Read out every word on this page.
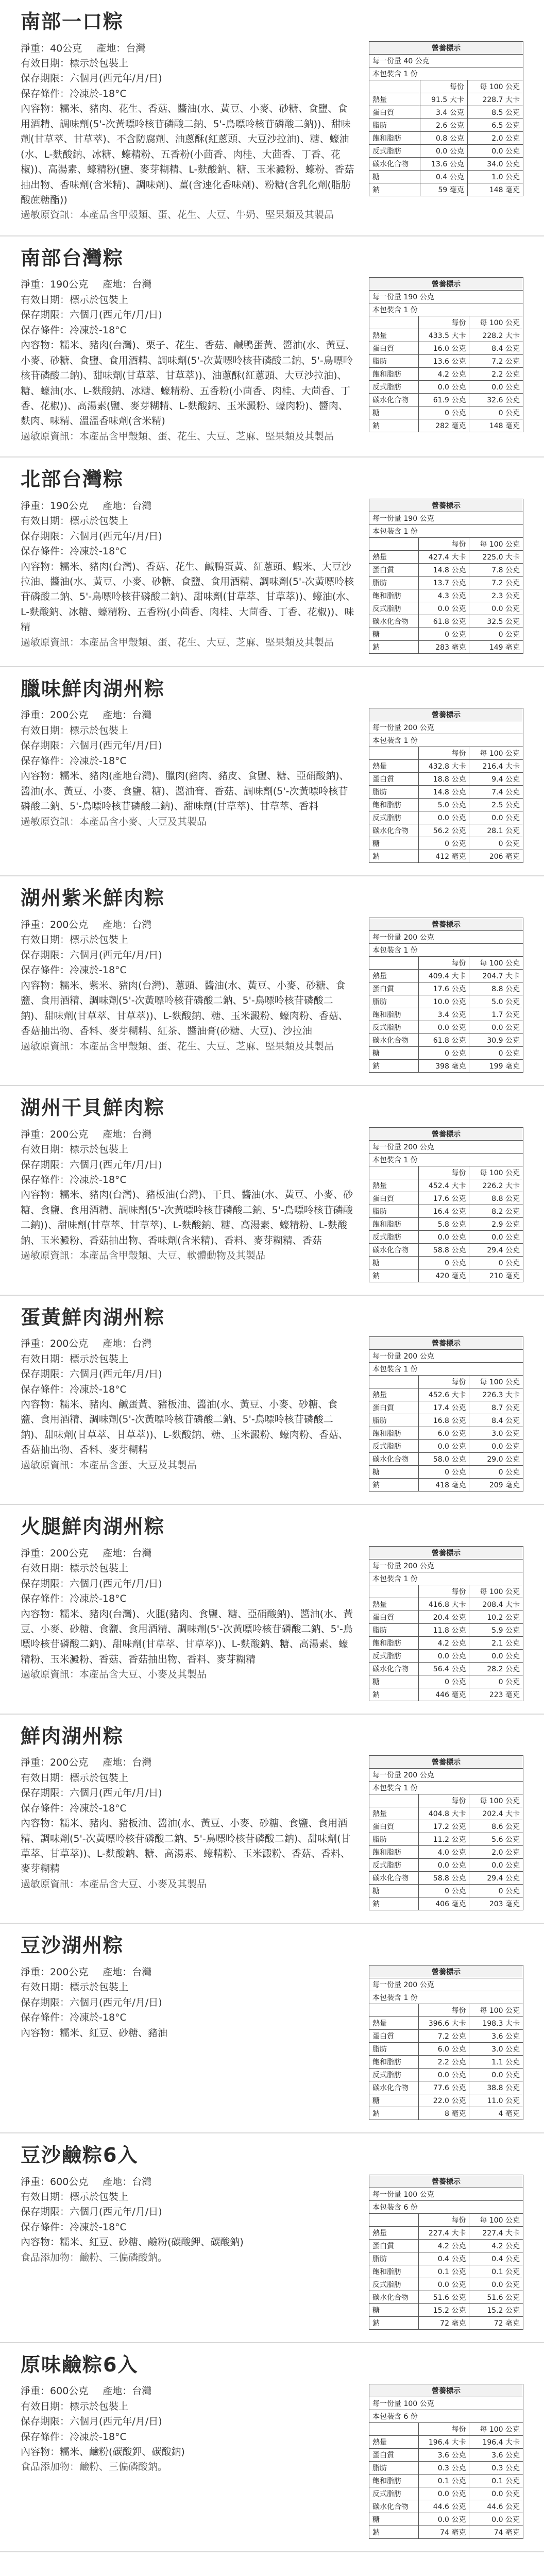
南部一口粽
淨重： 40公克 產地： 台灣
有效日期： 標示於包裝上
保存期限： 六個月(西元年/月/日)
保存條件： 冷凍於-18°C
內容物：糯米、豬肉、花生、香菇、醬油(水、黃豆、小麥、砂糖、食鹽、食用酒精、調味劑(5'-次黃嘌呤核苷磷酸二鈉、5'-鳥嘌呤核苷磷酸二鈉))、甜味劑(甘草萃、甘草萃)、不含防腐劑、油蔥酥(紅蔥頭、大豆沙拉油)、糖、蠔油(水、L-麩酸鈉、冰糖、蠔精粉、五香粉(小茴香、肉桂、大茴香、丁香、花椒))、高湯素、蠔精粉(鹽、麥芽糊精、L-麩酸鈉、糖、玉米澱粉、蠔粉、香菇抽出物、香味劑(含米精)、調味劑)、薑(含速化香味劑)、粉糖(含乳化劑(脂肪酸蔗糖酯))
過敏原資訊：本產品含甲殼類、蛋、花生、大豆、牛奶、堅果類及其製品
營養標示		
每一份量 40 公克		
本包裝含 1 份		
	每份	每 100 公克
熱量	91.5 大卡	228.7 大卡
蛋白質	3.4 公克	8.5 公克
脂肪	2.6 公克	6.5 公克
飽和脂肪	0.8 公克	2.0 公克
反式脂肪	0.0 公克	0.0 公克
碳水化合物	13.6 公克	34.0 公克
糖	0.4 公克	1.0 公克
鈉	59 毫克	148 毫克
南部台灣粽
淨重： 190公克 產地： 台灣
有效日期： 標示於包裝上
保存期限： 六個月(西元年/月/日)
保存條件： 冷凍於-18°C
內容物：糯米、豬肉(台灣)、栗子、花生、香菇、鹹鴨蛋黃、醬油(水、黃豆、小麥、砂糖、食鹽、食用酒精、調味劑(5'-次黃嘌呤核苷磷酸二鈉、5'-鳥嘌呤核苷磷酸二鈉)、甜味劑(甘草萃、甘草萃))、油蔥酥(紅蔥頭、大豆沙拉油)、糖、蠔油(水、L-麩酸鈉、冰糖、蠔精粉、五香粉(小茴香、肉桂、大茴香、丁香、花椒))、高湯素(鹽、麥芽糊精、L-麩酸鈉、玉米澱粉、蠔肉粉)、醬肉、麩肉、味精、溫溫香味劑(含米精)
過敏原資訊：本產品含甲殼類、蛋、花生、大豆、芝麻、堅果類及其製品
營養標示		
每一份量 190 公克		
本包裝含 1 份		
	每份	每 100 公克
熱量	433.5 大卡	228.2 大卡
蛋白質	16.0 公克	8.4 公克
脂肪	13.6 公克	7.2 公克
飽和脂肪	4.2 公克	2.2 公克
反式脂肪	0.0 公克	0.0 公克
碳水化合物	61.9 公克	32.6 公克
糖	0 公克	0 公克
鈉	282 毫克	148 毫克
北部台灣粽
淨重： 190公克 產地： 台灣
有效日期： 標示於包裝上
保存期限： 六個月(西元年/月/日)
保存條件： 冷凍於-18°C
內容物：糯米、豬肉(台灣)、香菇、花生、鹹鴨蛋黃、紅蔥頭、蝦米、大豆沙拉油、醬油(水、黃豆、小麥、砂糖、食鹽、食用酒精、調味劑(5'-次黃嘌呤核苷磷酸二鈉、5'-鳥嘌呤核苷磷酸二鈉)、甜味劑(甘草萃、甘草萃))、蠔油(水、L-麩酸鈉、冰糖、蠔精粉、五香粉(小茴香、肉桂、大茴香、丁香、花椒))、味精
過敏原資訊：本產品含甲殼類、蛋、花生、大豆、芝麻、堅果類及其製品
營養標示		
每一份量 190 公克		
本包裝含 1 份		
	每份	每 100 公克
熱量	427.4 大卡	225.0 大卡
蛋白質	14.8 公克	7.8 公克
脂肪	13.7 公克	7.2 公克
飽和脂肪	4.3 公克	2.3 公克
反式脂肪	0.0 公克	0.0 公克
碳水化合物	61.8 公克	32.5 公克
糖	0 公克	0 公克
鈉	283 毫克	149 毫克
臘味鮮肉湖州粽
淨重： 200公克 產地： 台灣
有效日期： 標示於包裝上
保存期限： 六個月(西元年/月/日)
保存條件： 冷凍於-18°C
內容物：糯米、豬肉(產地台灣)、臘肉(豬肉、豬皮、食鹽、糖、亞硝酸鈉)、醬油(水、黃豆、小麥、食鹽、糖)、醬油膏、香菇、調味劑(5'-次黃嘌呤核苷磷酸二鈉、5'-鳥嘌呤核苷磷酸二鈉)、甜味劑(甘草萃)、甘草萃、香料
過敏原資訊：本產品含小麥、大豆及其製品
營養標示		
每一份量 200 公克		
本包裝含 1 份		
	每份	每 100 公克
熱量	432.8 大卡	216.4 大卡
蛋白質	18.8 公克	9.4 公克
脂肪	14.8 公克	7.4 公克
飽和脂肪	5.0 公克	2.5 公克
反式脂肪	0.0 公克	0.0 公克
碳水化合物	56.2 公克	28.1 公克
糖	0 公克	0 公克
鈉	412 毫克	206 毫克
湖州紫米鮮肉粽
淨重： 200公克 產地： 台灣
有效日期： 標示於包裝上
保存期限： 六個月(西元年/月/日)
保存條件： 冷凍於-18°C
內容物：糯米、紫米、豬肉(台灣)、蔥頭、醬油(水、黃豆、小麥、砂糖、食鹽、食用酒精、調味劑(5'-次黃嘌呤核苷磷酸二鈉、5'-鳥嘌呤核苷磷酸二鈉)、甜味劑(甘草萃、甘草萃))、L-麩酸鈉、糖、玉米澱粉、蠔肉粉、香菇、香菇抽出物、香料、麥芽糊精、紅茶、醬油膏(砂糖、大豆)、沙拉油
過敏原資訊：本產品含甲殼類、蛋、花生、大豆、芝麻、堅果類及其製品
營養標示		
每一份量 200 公克		
本包裝含 1 份		
	每份	每 100 公克
熱量	409.4 大卡	204.7 大卡
蛋白質	17.6 公克	8.8 公克
脂肪	10.0 公克	5.0 公克
飽和脂肪	3.4 公克	1.7 公克
反式脂肪	0.0 公克	0.0 公克
碳水化合物	61.8 公克	30.9 公克
糖	0 公克	0 公克
鈉	398 毫克	199 毫克
湖州干貝鮮肉粽
淨重： 200公克 產地： 台灣
有效日期： 標示於包裝上
保存期限： 六個月(西元年/月/日)
保存條件： 冷凍於-18°C
內容物：糯米、豬肉(台灣)、豬板油(台灣)、干貝、醬油(水、黃豆、小麥、砂糖、食鹽、食用酒精、調味劑(5'-次黃嘌呤核苷磷酸二鈉、5'-鳥嘌呤核苷磷酸二鈉))、甜味劑(甘草萃、甘草萃)、L-麩酸鈉、糖、高湯素、蠔精粉、L-麩酸鈉、玉米澱粉、香菇抽出物、香味劑(含米精)、香料、麥芽糊精、香菇
過敏原資訊：本產品含甲殼類、大豆、軟體動物及其製品
營養標示		
每一份量 200 公克		
本包裝含 1 份		
	每份	每 100 公克
熱量	452.4 大卡	226.2 大卡
蛋白質	17.6 公克	8.8 公克
脂肪	16.4 公克	8.2 公克
飽和脂肪	5.8 公克	2.9 公克
反式脂肪	0.0 公克	0.0 公克
碳水化合物	58.8 公克	29.4 公克
糖	0 公克	0 公克
鈉	420 毫克	210 毫克
蛋黃鮮肉湖州粽
淨重： 200公克 產地： 台灣
有效日期： 標示於包裝上
保存期限： 六個月(西元年/月/日)
保存條件： 冷凍於-18°C
內容物：糯米、豬肉、鹹蛋黃、豬板油、醬油(水、黃豆、小麥、砂糖、食鹽、食用酒精、調味劑(5'-次黃嘌呤核苷磷酸二鈉、5'-鳥嘌呤核苷磷酸二鈉)、甜味劑(甘草萃、甘草萃))、L-麩酸鈉、糖、玉米澱粉、蠔肉粉、香菇、香菇抽出物、香料、麥芽糊精
過敏原資訊：本產品含蛋、大豆及其製品
營養標示		
每一份量 200 公克		
本包裝含 1 份		
	每份	每 100 公克
熱量	452.6 大卡	226.3 大卡
蛋白質	17.4 公克	8.7 公克
脂肪	16.8 公克	8.4 公克
飽和脂肪	6.0 公克	3.0 公克
反式脂肪	0.0 公克	0.0 公克
碳水化合物	58.0 公克	29.0 公克
糖	0 公克	0 公克
鈉	418 毫克	209 毫克
火腿鮮肉湖州粽
淨重： 200公克 產地： 台灣
有效日期： 標示於包裝上
保存期限： 六個月(西元年/月/日)
保存條件： 冷凍於-18°C
內容物：糯米、豬肉(台灣)、火腿(豬肉、食鹽、糖、亞硝酸鈉)、醬油(水、黃豆、小麥、砂糖、食鹽、食用酒精、調味劑(5'-次黃嘌呤核苷磷酸二鈉、5'-鳥嘌呤核苷磷酸二鈉)、甜味劑(甘草萃、甘草萃))、L-麩酸鈉、糖、高湯素、蠔精粉、玉米澱粉、香菇、香菇抽出物、香料、麥芽糊精
過敏原資訊：本產品含大豆、小麥及其製品
營養標示		
每一份量 200 公克		
本包裝含 1 份		
	每份	每 100 公克
熱量	416.8 大卡	208.4 大卡
蛋白質	20.4 公克	10.2 公克
脂肪	11.8 公克	5.9 公克
飽和脂肪	4.2 公克	2.1 公克
反式脂肪	0.0 公克	0.0 公克
碳水化合物	56.4 公克	28.2 公克
糖	0 公克	0 公克
鈉	446 毫克	223 毫克
鮮肉湖州粽
淨重： 200公克 產地： 台灣
有效日期： 標示於包裝上
保存期限： 六個月(西元年/月/日)
保存條件： 冷凍於-18°C
內容物：糯米、豬肉、豬板油、醬油(水、黃豆、小麥、砂糖、食鹽、食用酒精、調味劑(5'-次黃嘌呤核苷磷酸二鈉、5'-鳥嘌呤核苷磷酸二鈉)、甜味劑(甘草萃、甘草萃))、L-麩酸鈉、糖、高湯素、蠔精粉、玉米澱粉、香菇、香料、麥芽糊精
過敏原資訊：本產品含大豆、小麥及其製品
營養標示		
每一份量 200 公克		
本包裝含 1 份		
	每份	每 100 公克
熱量	404.8 大卡	202.4 大卡
蛋白質	17.2 公克	8.6 公克
脂肪	11.2 公克	5.6 公克
飽和脂肪	4.0 公克	2.0 公克
反式脂肪	0.0 公克	0.0 公克
碳水化合物	58.8 公克	29.4 公克
糖	0 公克	0 公克
鈉	406 毫克	203 毫克
豆沙湖州粽
淨重： 200公克 產地： 台灣
有效日期： 標示於包裝上
保存期限： 六個月(西元年/月/日)
保存條件： 冷凍於-18°C
內容物：糯米、紅豆、砂糖、豬油
營養標示		
每一份量 200 公克		
本包裝含 1 份		
	每份	每 100 公克
熱量	396.6 大卡	198.3 大卡
蛋白質	7.2 公克	3.6 公克
脂肪	6.0 公克	3.0 公克
飽和脂肪	2.2 公克	1.1 公克
反式脂肪	0.0 公克	0.0 公克
碳水化合物	77.6 公克	38.8 公克
糖	22.0 公克	11.0 公克
鈉	8 毫克	4 毫克
豆沙鹼粽6入
淨重： 600公克 產地： 台灣
有效日期： 標示於包裝上
保存期限： 六個月(西元年/月/日)
保存條件： 冷凍於-18°C
內容物：糯米、紅豆、砂糖、鹼粉(碳酸鉀、碳酸鈉)
食品添加物：鹼粉、三偏磷酸鈉。
營養標示		
每一份量 100 公克		
本包裝含 6 份		
	每份	每 100 公克
熱量	227.4 大卡	227.4 大卡
蛋白質	4.2 公克	4.2 公克
脂肪	0.4 公克	0.4 公克
飽和脂肪	0.1 公克	0.1 公克
反式脂肪	0.0 公克	0.0 公克
碳水化合物	51.6 公克	51.6 公克
糖	15.2 公克	15.2 公克
鈉	72 毫克	72 毫克
原味鹼粽6入
淨重： 600公克 產地： 台灣
有效日期： 標示於包裝上
保存期限： 六個月(西元年/月/日)
保存條件： 冷凍於-18°C
內容物：糯米、鹼粉(碳酸鉀、碳酸鈉)
食品添加物：鹼粉、三偏磷酸鈉。
營養標示		
每一份量 100 公克		
本包裝含 6 份		
	每份	每 100 公克
熱量	196.4 大卡	196.4 大卡
蛋白質	3.6 公克	3.6 公克
脂肪	0.3 公克	0.3 公克
飽和脂肪	0.1 公克	0.1 公克
反式脂肪	0.0 公克	0.0 公克
碳水化合物	44.6 公克	44.6 公克
糖	0.0 公克	0.0 公克
鈉	74 毫克	74 毫克
